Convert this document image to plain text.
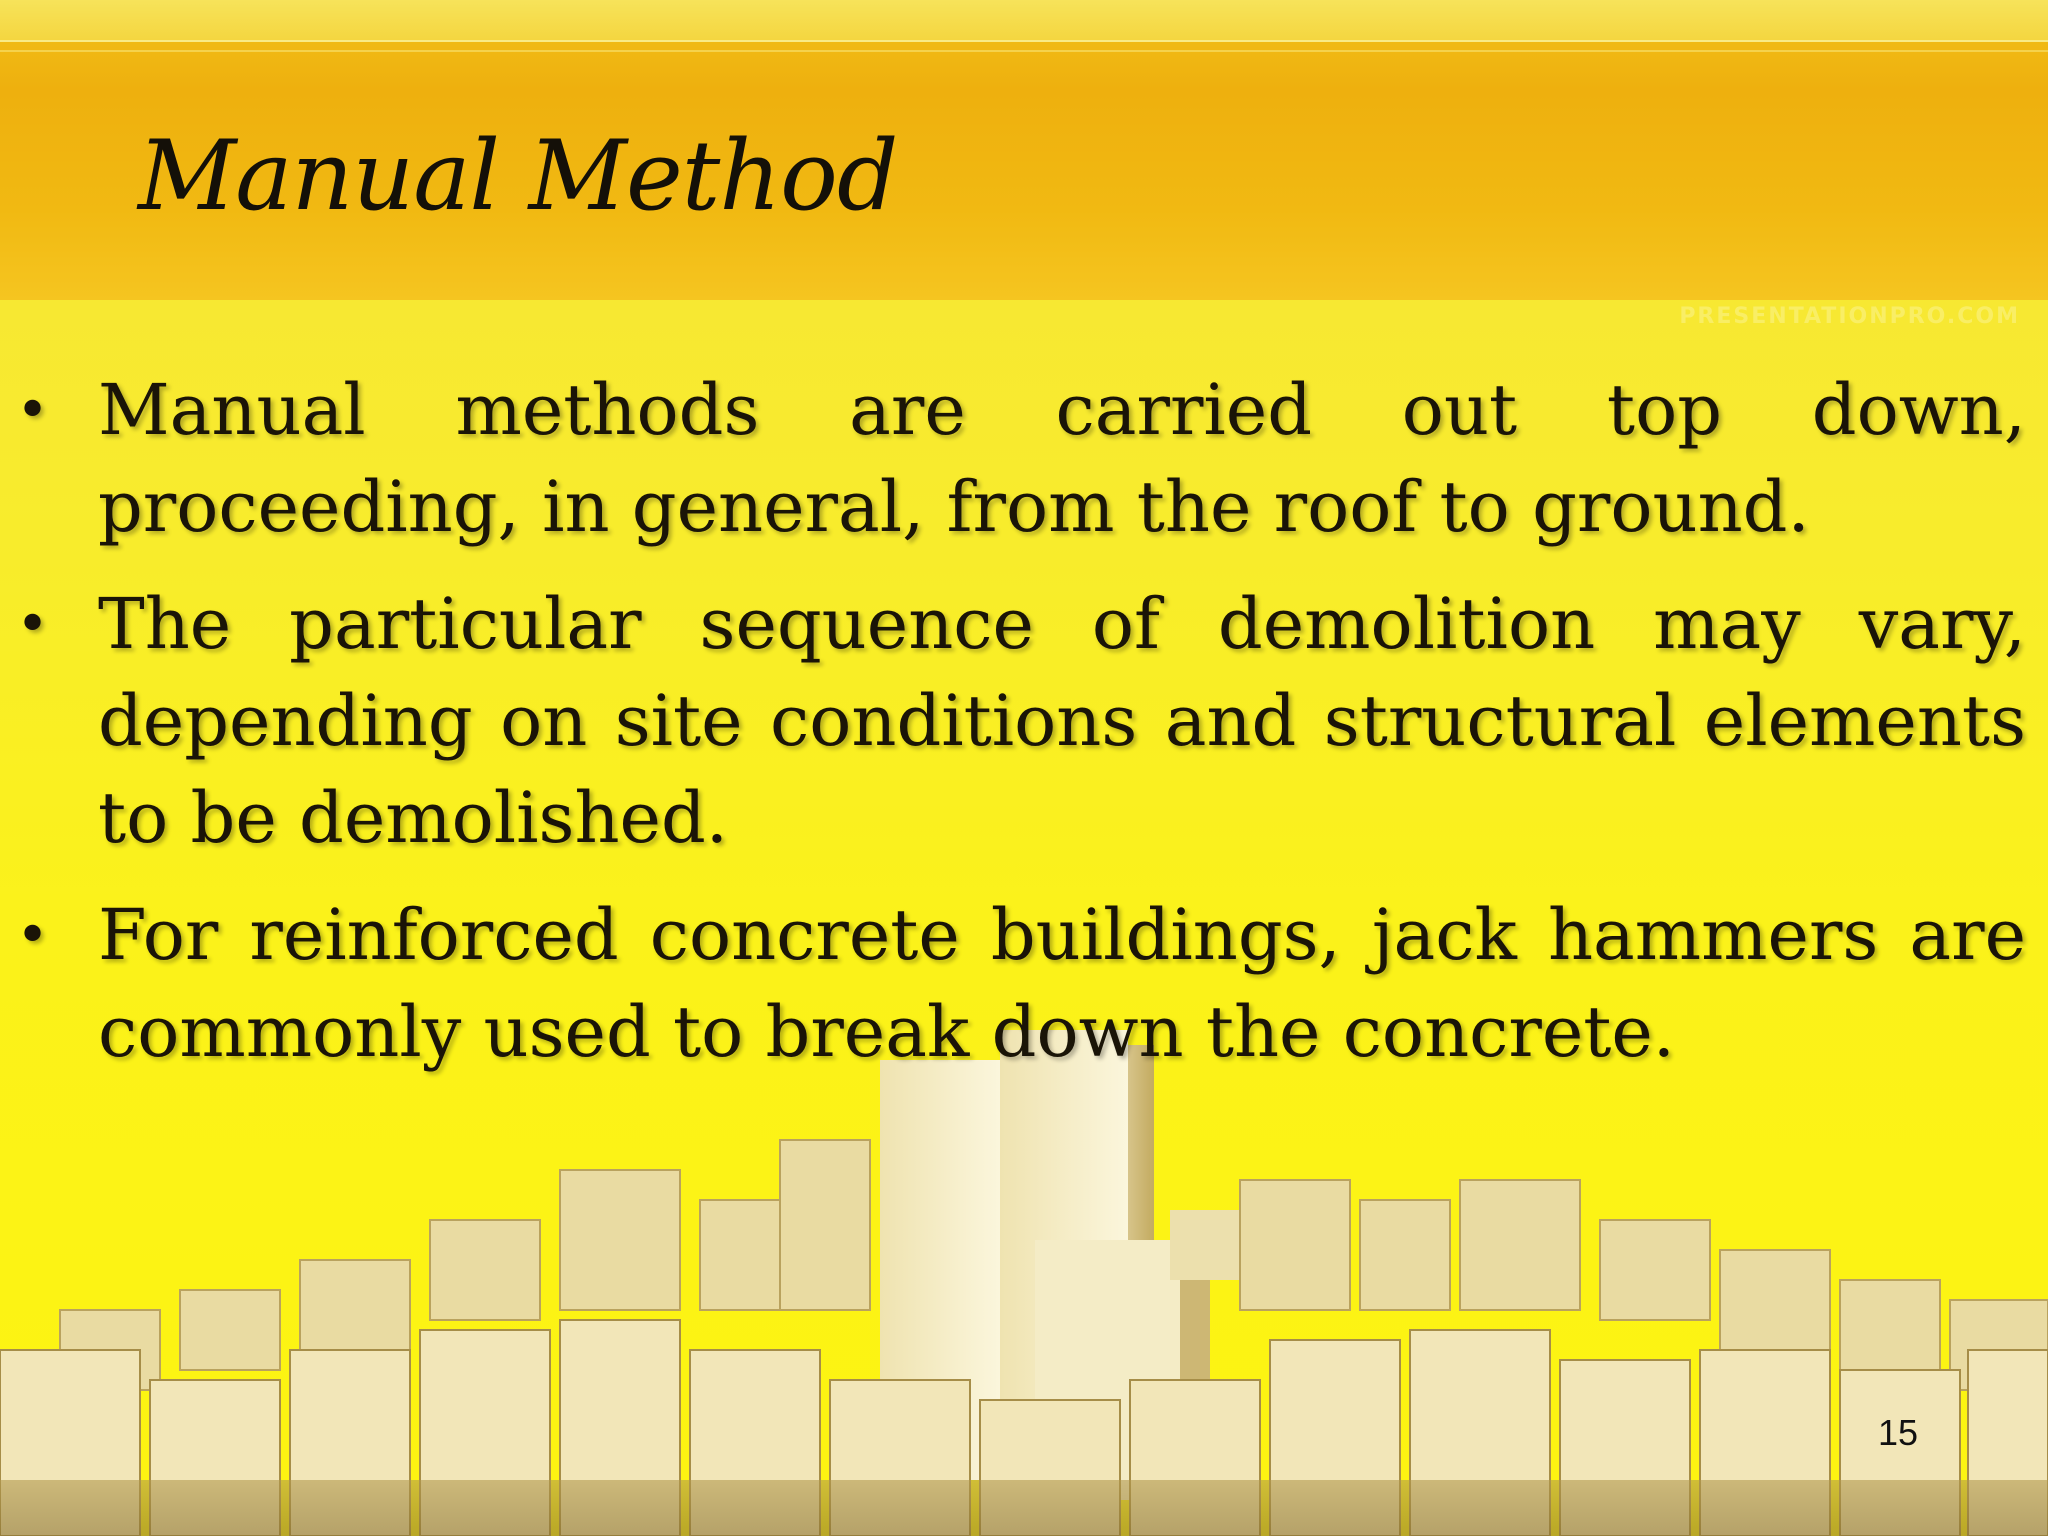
Manual Method
PRESENTATIONPRO.COM
• Manual methods are carried out top down, proceeding, in general, from the roof to ground.
• The particular sequence of demolition may vary, depending on site conditions and structural elements to be demolished.
• For reinforced concrete buildings, jack hammers are commonly used to break down the concrete.
15
